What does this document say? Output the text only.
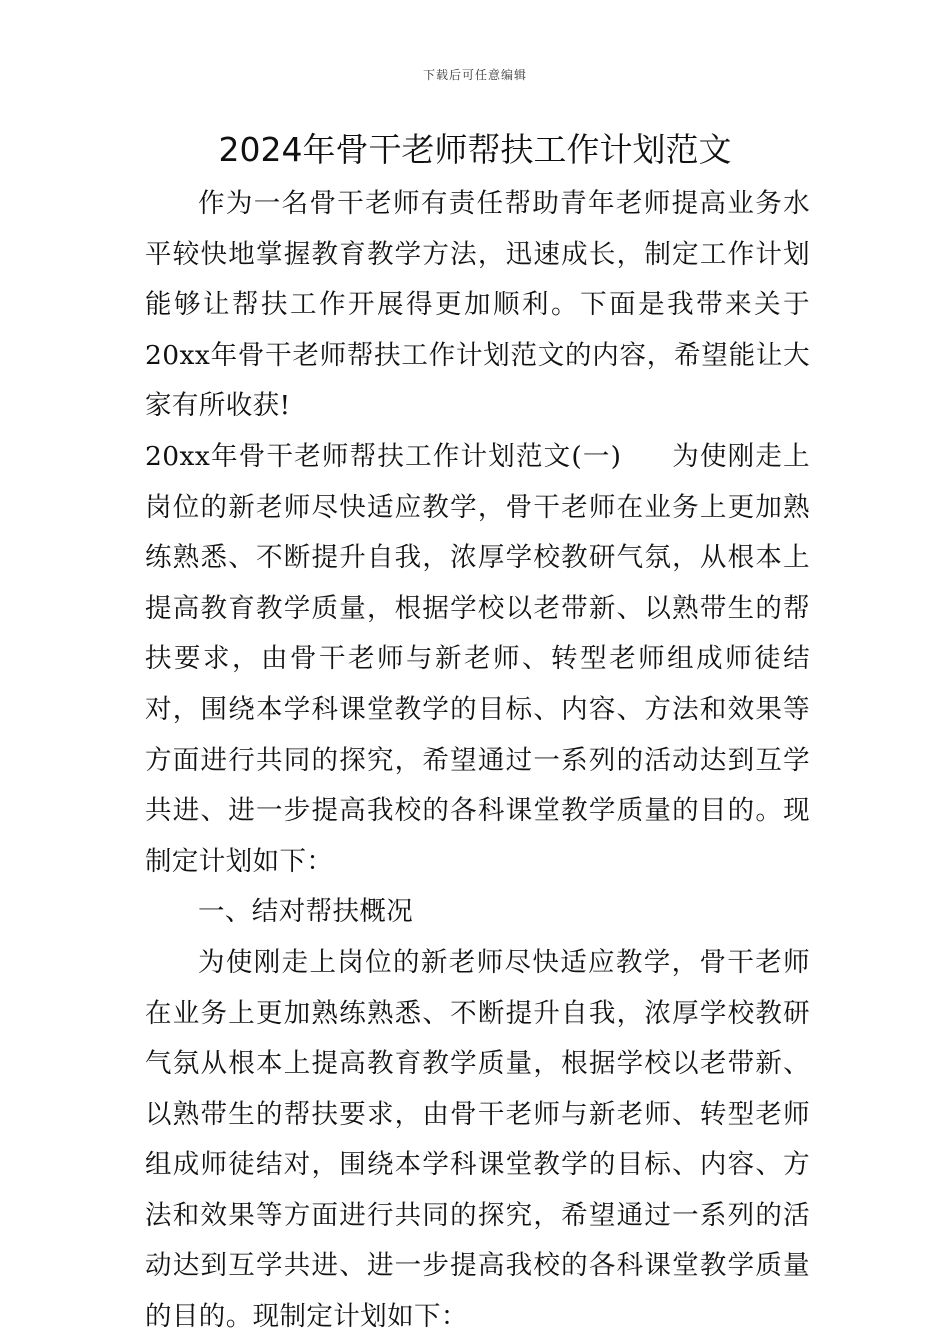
下载后可任意编辑
2024年骨干老师帮扶工作计划范文

作为一名骨干老师有责任帮助青年老师提高业务水平较快地掌握教育教学方法，迅速成长，制定工作计划能够让帮扶工作开展得更加顺利。下面是我带来关于20xx年骨干老师帮扶工作计划范文的内容，希望能让大家有所收获!

20xx年骨干老师帮扶工作计划范文(一) 为使刚走上岗位的新老师尽快适应教学，骨干老师在业务上更加熟练熟悉、不断提升自我，浓厚学校教研气氛，从根本上提高教育教学质量，根据学校以老带新、以熟带生的帮扶要求，由骨干老师与新老师、转型老师组成师徒结对，围绕本学科课堂教学的目标、内容、方法和效果等方面进行共同的探究，希望通过一系列的活动达到互学共进、进一步提高我校的各科课堂教学质量的目的。现制定计划如下：

一、结对帮扶概况

为使刚走上岗位的新老师尽快适应教学，骨干老师在业务上更加熟练熟悉、不断提升自我，浓厚学校教研气氛从根本上提高教育教学质量，根据学校以老带新、以熟带生的帮扶要求，由骨干老师与新老师、转型老师组成师徒结对，围绕本学科课堂教学的目标、内容、方法和效果等方面进行共同的探究，希望通过一系列的活动达到互学共进、进一步提高我校的各科课堂教学质量的目的。现制定计划如下：
